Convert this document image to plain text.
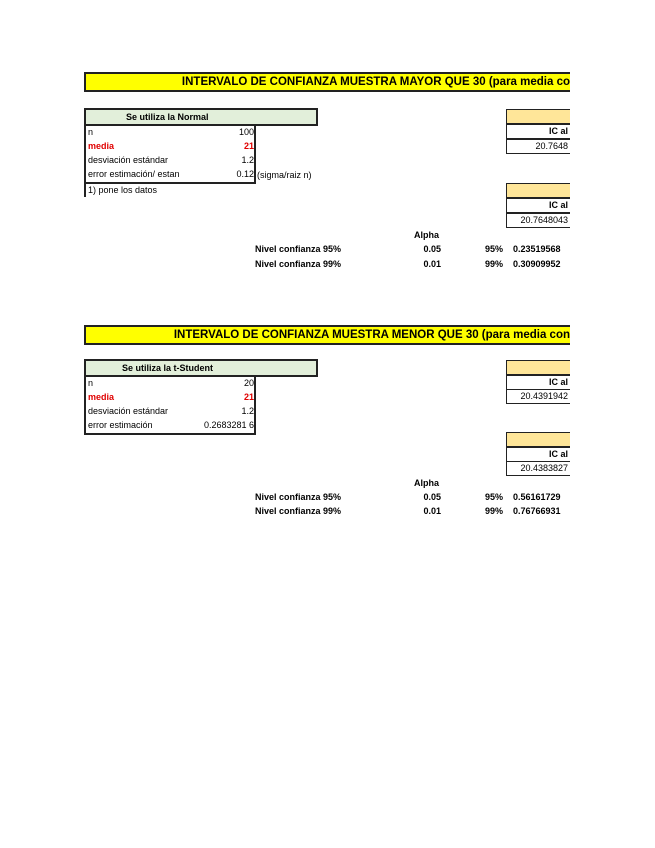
INTERVALO DE CONFIANZA MUESTRA MAYOR QUE 30 (para media co
Se utiliza la Normal
n	100
media	21
desviación estándar	1.2
error estimación/ estan	0.12 (sigma/raiz n)
1) pone los datos
IC al
20.7648
IC al
20.7648043
Alpha
Nivel confianza 95%	0.05	95% 0.23519568
Nivel confianza 99%	0.01	99% 0.30909952
INTERVALO DE CONFIANZA MUESTRA MENOR QUE 30 (para media con
Se utiliza la t-Student
n	20
media	21
desviación estándar	1.2
error estimación	0.2683281 6
IC al
20.4391942
IC al
20.4383827
Alpha
Nivel confianza 95%	0.05	95% 0.56161729
Nivel confianza 99%	0.01	99% 0.76766931
